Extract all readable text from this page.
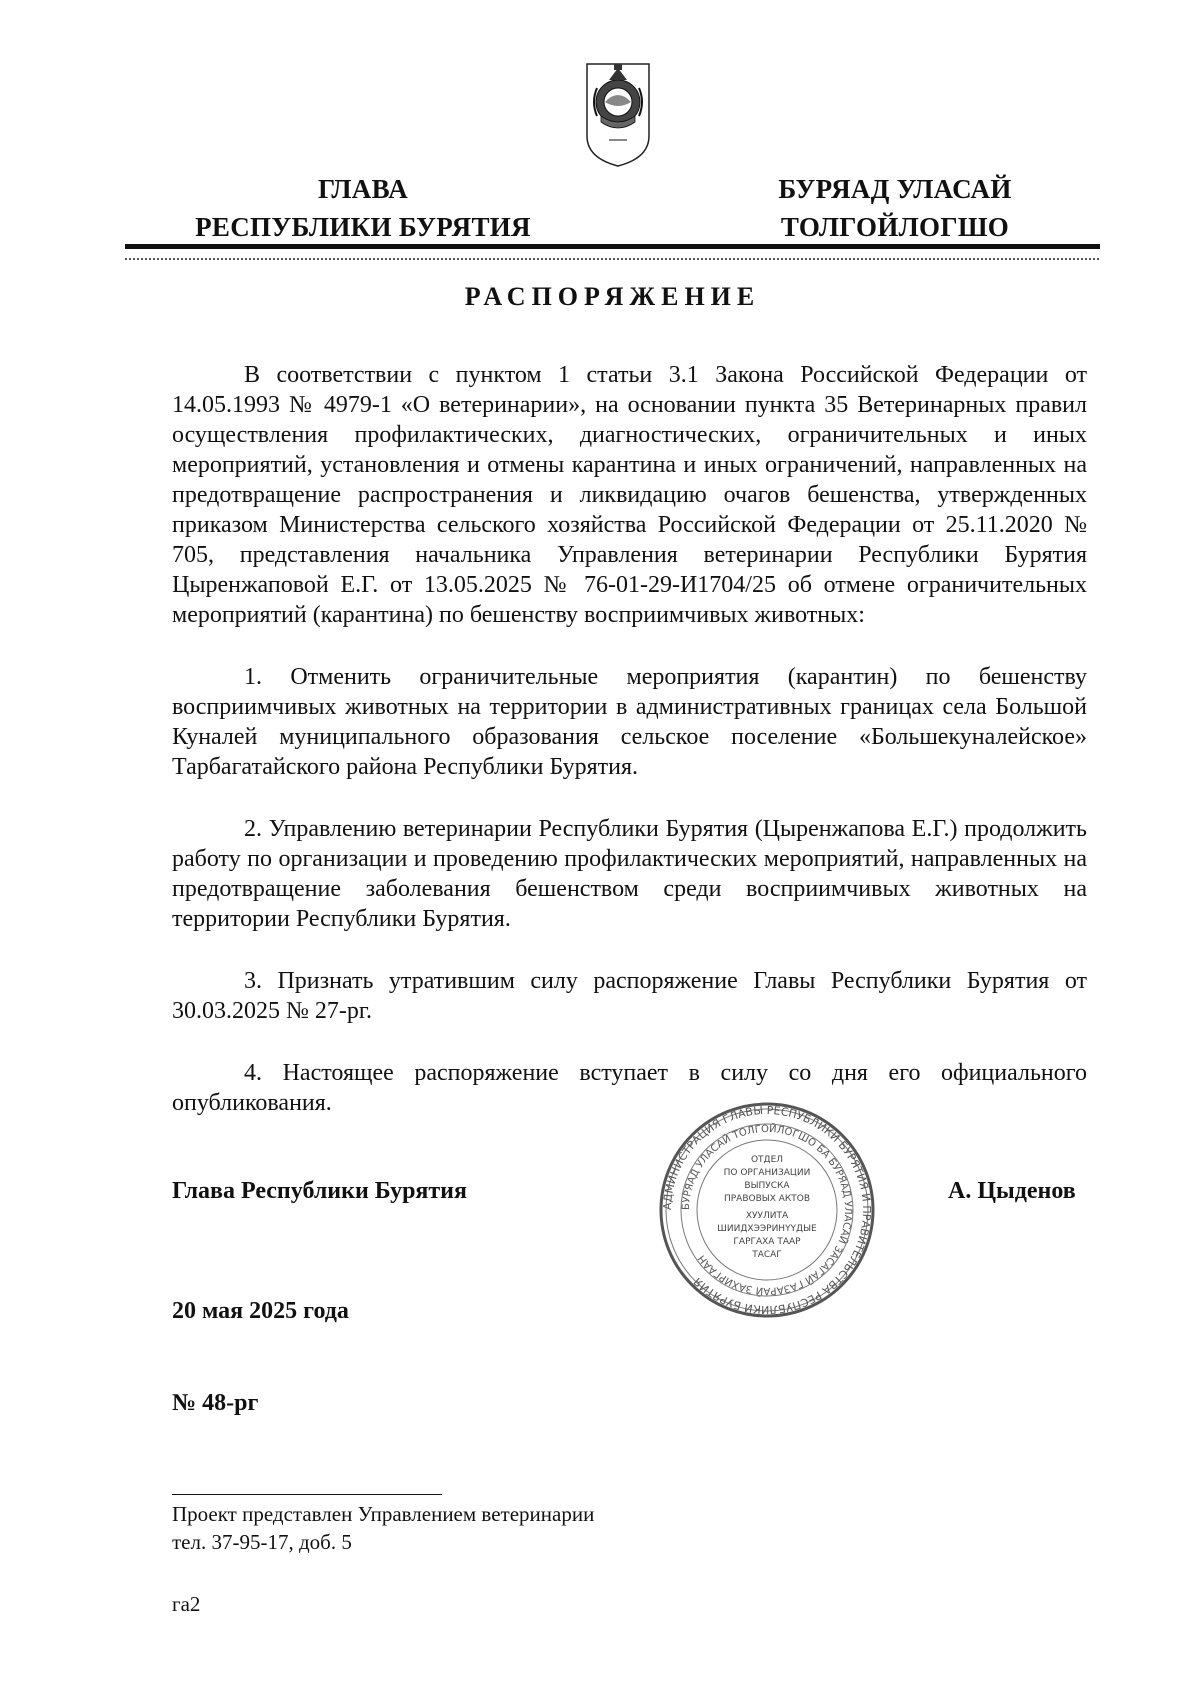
ГЛАВА
РЕСПУБЛИКИ БУРЯТИЯ
БУРЯАД УЛАСАЙ
ТОЛГОЙЛОГШО
РАСПОРЯЖЕНИЕ

В соответствии с пунктом 1 статьи 3.1 Закона Российской Федерации от 14.05.1993 № 4979-1 «О ветеринарии», на основании пункта 35 Ветеринарных правил осуществления профилактических, диагностических, ограничительных и иных мероприятий, установления и отмены карантина и иных ограничений, направленных на предотвращение распространения и ликвидацию очагов бешенства, утвержденных приказом Министерства сельского хозяйства Российской Федерации от 25.11.2020 № 705, представления начальника Управления ветеринарии Республики Бурятия Цыренжаповой Е.Г. от 13.05.2025 № 76-01-29-И1704/25 об отмене ограничительных мероприятий (карантина) по бешенству восприимчивых животных:

1. Отменить ограничительные мероприятия (карантин) по бешенству восприимчивых животных на территории в административных границах села Большой Куналей муниципального образования сельское поселение «Большекуналейское» Тарбагатайского района Республики Бурятия.

2. Управлению ветеринарии Республики Бурятия (Цыренжапова Е.Г.) продолжить работу по организации и проведению профилактических мероприятий, направленных на предотвращение заболевания бешенством среди восприимчивых животных на территории Республики Бурятия.

3. Признать утратившим силу распоряжение Главы Республики Бурятия от 30.03.2025 № 27-рг.

4. Настоящее распоряжение вступает в силу со дня его официального опубликования.

АДМИНИСТРАЦИЯ ГЛАВЫ РЕСПУБЛИКИ БУРЯТИЯ И ПРАВИТЕЛЬСТВА РЕСПУБЛИКИ БУРЯТИЯ
БУРЯАД УЛАСАЙ ТОЛГОЙЛОГШО БА БУРЯАД УЛАСАЙ ЗАСАГАЙ ГАЗАРАЙ ЗАХИРГААН
ОТДЕЛ
ПО ОРГАНИЗАЦИИ
ВЫПУСКА
ПРАВОВЫХ АКТОВ
ХУУЛИТА
ШИИДХЭЭРИНҮҮДЫЕ
ГАРГАХА ТААР
ТАСАГ
Глава Республики Бурятия	А. Цыденов
20 мая 2025 года
№ 48-рг
Проект представлен Управлением ветеринарии
тел. 37-95-17, доб. 5
га2
